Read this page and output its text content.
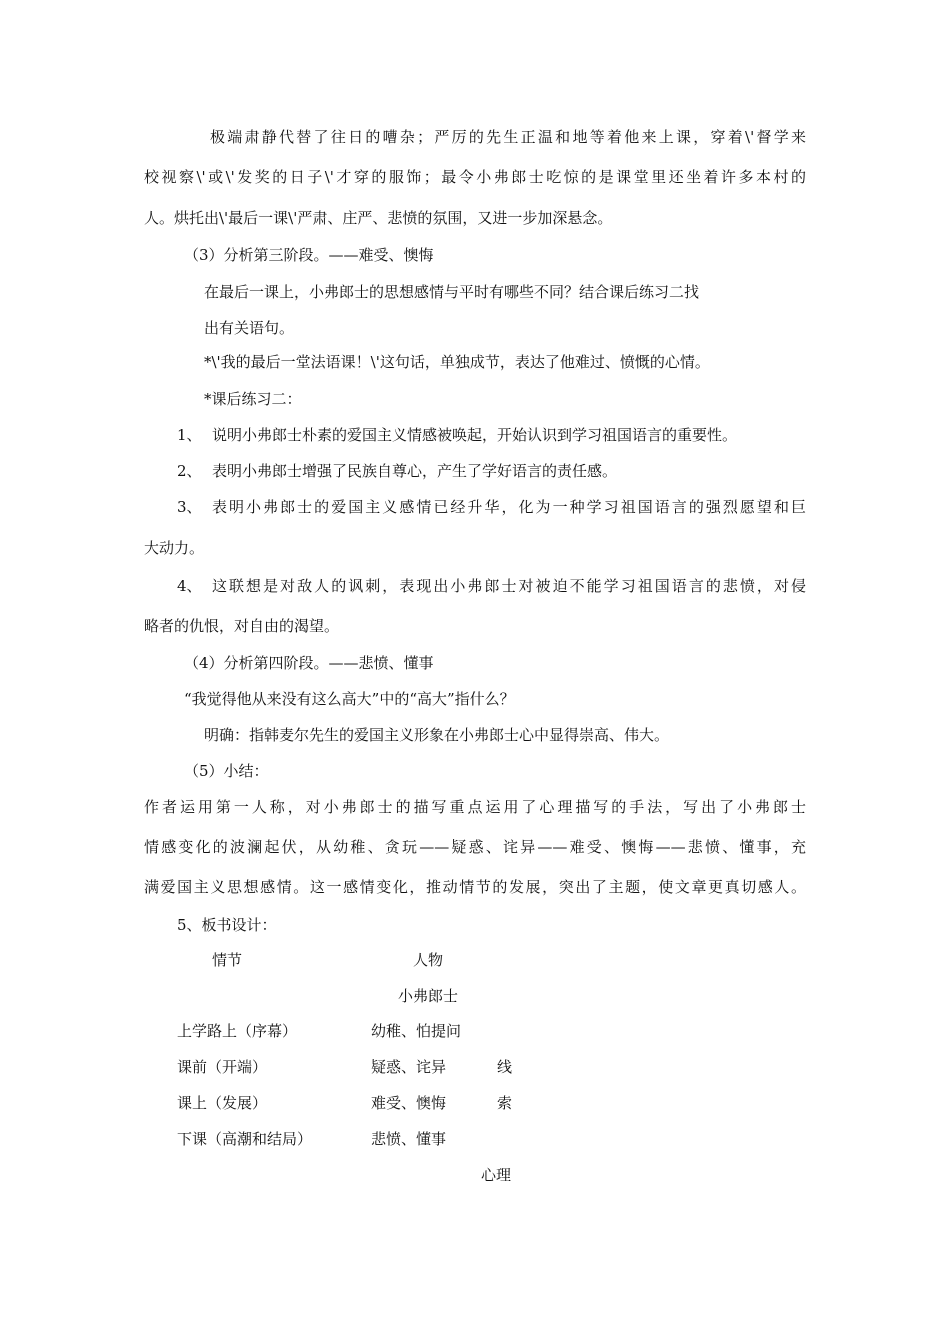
极端肃静代替了往日的嘈杂；严厉的先生正温和地等着他来上课，穿着\'督学来
校视察\'或\'发奖的日子\'才穿的服饰；最令小弗郎士吃惊的是课堂里还坐着许多本村的
人。烘托出\'最后一课\'严肃、庄严、悲愤的氛围，又进一步加深悬念。
（3）分析第三阶段。——难受、懊悔
在最后一课上，小弗郎士的思想感情与平时有哪些不同？结合课后练习二找
出有关语句。
*\'我的最后一堂法语课！\'这句话，单独成节，表达了他难过、愤慨的心情。
*课后练习二：
1、 说明小弗郎士朴素的爱国主义情感被唤起，开始认识到学习祖国语言的重要性。
2、 表明小弗郎士增强了民族自尊心，产生了学好语言的责任感。
3、 表明小弗郎士的爱国主义感情已经升华，化为一种学习祖国语言的强烈愿望和巨
大动力。
4、 这联想是对敌人的讽刺，表现出小弗郎士对被迫不能学习祖国语言的悲愤，对侵
略者的仇恨，对自由的渴望。
（4）分析第四阶段。——悲愤、懂事
“我觉得他从来没有这么高大”中的“高大”指什么？
明确：指韩麦尔先生的爱国主义形象在小弗郎士心中显得崇高、伟大。
（5）小结：
作者运用第一人称，对小弗郎士的描写重点运用了心理描写的手法，写出了小弗郎士
情感变化的波澜起伏，从幼稚、贪玩——疑惑、诧异——难受、懊悔——悲愤、懂事，充
满爱国主义思想感情。这一感情变化，推动情节的发展，突出了主题，使文章更真切感人。
5、板书设计：
情节	人物
小弗郎士
上学路上（序幕）	幼稚、怕提问
课前（开端）	疑惑、诧异	线
课上（发展）	难受、懊悔	索
下课（高潮和结局）	悲愤、懂事
心理
